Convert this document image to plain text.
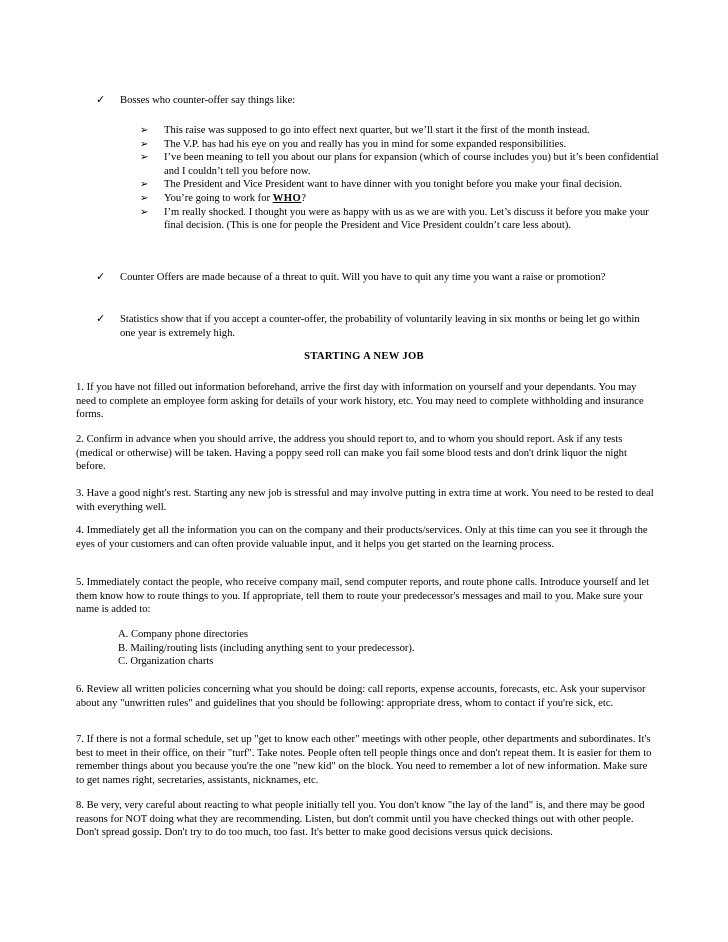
✓ Bosses who counter-offer say things like:
➢ This raise was supposed to go into effect next quarter, but we’ll start it the first of the month instead.
➢ The V.P. has had his eye on you and really has you in mind for some expanded responsibilities.
➢ I’ve been meaning to tell you about our plans for expansion (which of course includes you) but it’s been confidential and I couldn’t tell you before now.
➢ The President and Vice President want to have dinner with you tonight before you make your final decision.
➢ You’re going to work for WHO?
➢ I’m really shocked. I thought you were as happy with us as we are with you. Let’s discuss it before you make your final decision. (This is one for people the President and Vice President couldn’t care less about).
✓ Counter Offers are made because of a threat to quit. Will you have to quit any time you want a raise or promotion?
✓ Statistics show that if you accept a counter-offer, the probability of voluntarily leaving in six months or being let go within one year is extremely high.
STARTING A NEW JOB
1. If you have not filled out information beforehand, arrive the first day with information on yourself and your dependants. You may need to complete an employee form asking for details of your work history, etc. You may need to complete withholding and insurance forms.
2. Confirm in advance when you should arrive, the address you should report to, and to whom you should report. Ask if any tests (medical or otherwise) will be taken. Having a poppy seed roll can make you fail some blood tests and don't drink liquor the night before.
3. Have a good night's rest. Starting any new job is stressful and may involve putting in extra time at work. You need to be rested to deal with everything well.
4. Immediately get all the information you can on the company and their products/services. Only at this time can you see it through the eyes of your customers and can often provide valuable input, and it helps you get started on the learning process.
5. Immediately contact the people, who receive company mail, send computer reports, and route phone calls. Introduce yourself and let them know how to route things to you. If appropriate, tell them to route your predecessor's messages and mail to you. Make sure your name is added to:
A. Company phone directories
B. Mailing/routing lists (including anything sent to your predecessor).
C. Organization charts
6. Review all written policies concerning what you should be doing: call reports, expense accounts, forecasts, etc. Ask your supervisor about any "unwritten rules" and guidelines that you should be following: appropriate dress, whom to contact if you're sick, etc.
7. If there is not a formal schedule, set up "get to know each other" meetings with other people, other departments and subordinates. It's best to meet in their office, on their "turf". Take notes. People often tell people things once and don't repeat them. It is easier for them to remember things about you because you're the one "new kid" on the block. You need to remember a lot of new information. Make sure to get names right, secretaries, assistants, nicknames, etc.
8. Be very, very careful about reacting to what people initially tell you. You don't know "the lay of the land" is, and there may be good reasons for NOT doing what they are recommending. Listen, but don't commit until you have checked things out with other people. Don't spread gossip. Don't try to do too much, too fast. It's better to make good decisions versus quick decisions.
